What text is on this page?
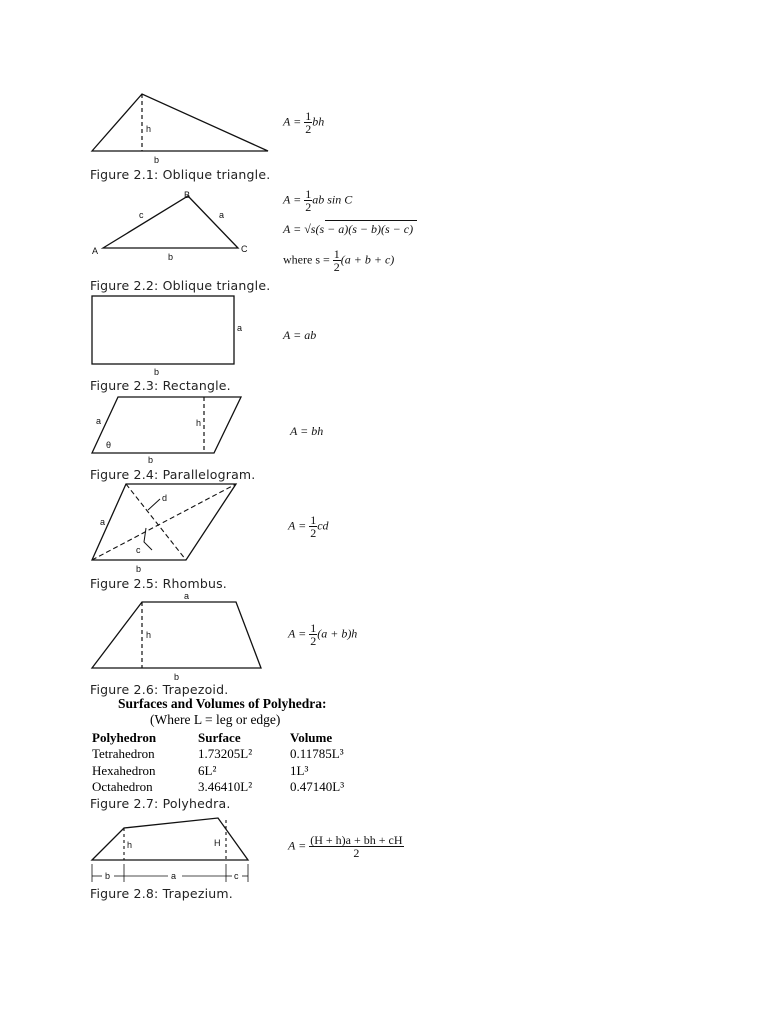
h
b
$A = \frac{1}{2}$ bh
Figure 2.1: Oblique triangle.
B
A	C
c	a
b
$A = \frac{1}{2}$ ab sin C
A = √s(s − a)(s − b)(s − c)
where $s = \frac{1}{2} (a + b + c)$
Figure 2.2: Oblique triangle.
a
b
A = ab
Figure 2.3: Rectangle.
a	h
θ
b
A = bh
Figure 2.4: Parallelogram.
d
c
a
b
$A = \frac{1}{2}$ cd
Figure 2.5: Rhombus.
a
h
b
$A = \frac{1}{2} (a + b)h$
Figure 2.6: Trapezoid.
Surfaces and Volumes of Polyhedra:
(Where L = leg or edge)
Polyhedron	Surface	Volume
Tetrahedron	1.73205L²	0.11785L³
Hexahedron	6L²	1L³
Octahedron	3.46410L²	0.47140L³
Figure 2.7: Polyhedra.
h	H
b	a	c
$A = \frac{(H + h)a + bh + cH}{2}$
Figure 2.8: Trapezium.
